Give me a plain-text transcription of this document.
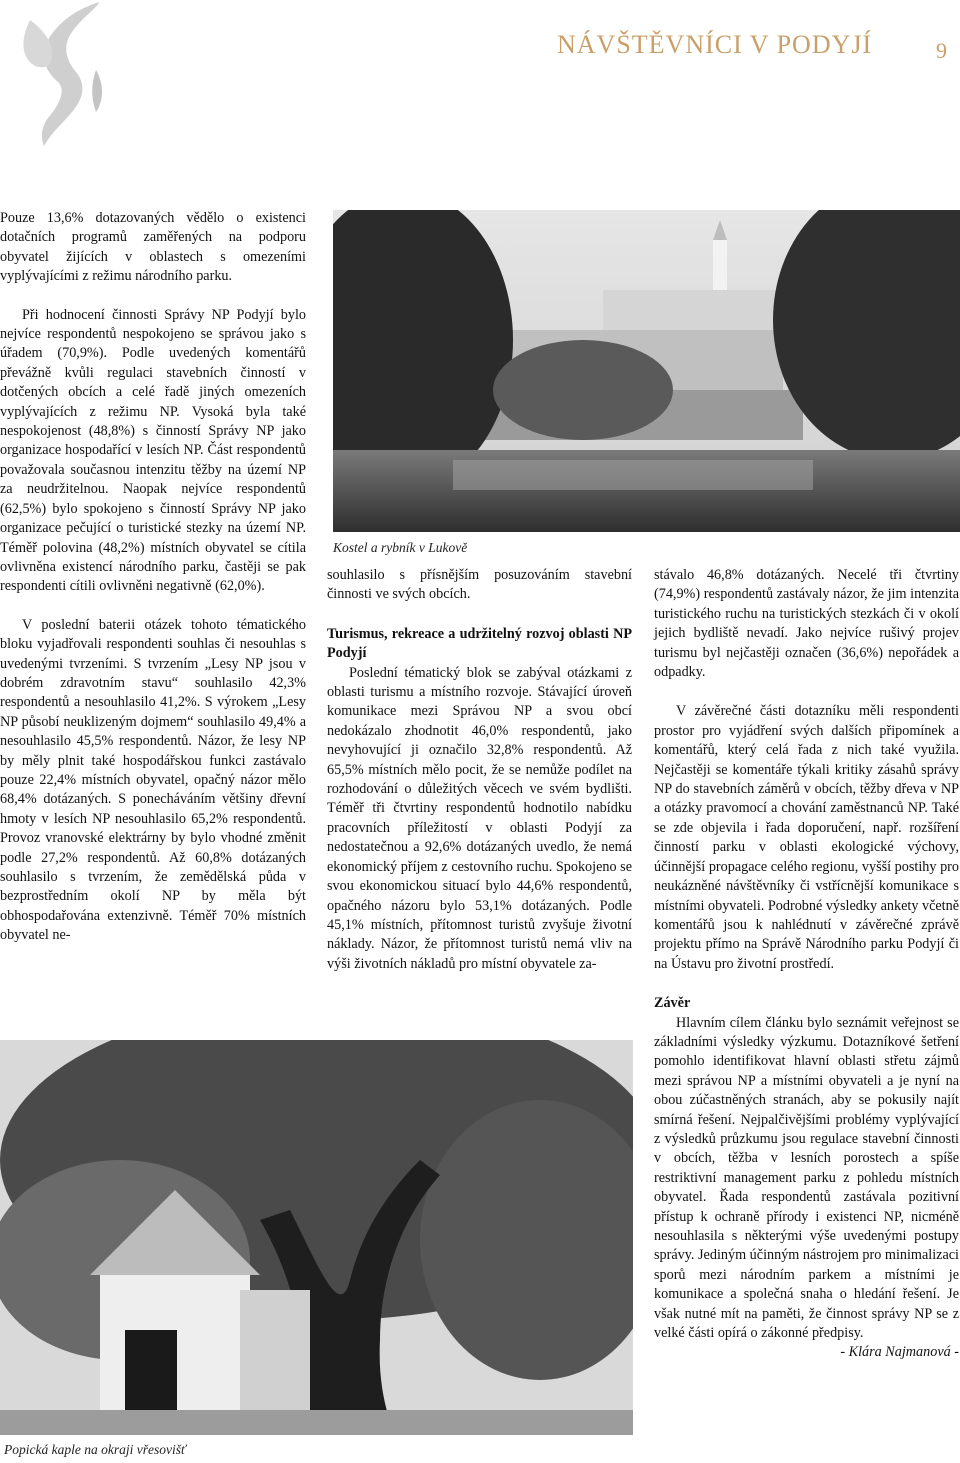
NÁVŠTĚVNÍCI V PODYJÍ	9

Pouze 13,6% dotazovaných vědělo o existenci dotačních programů zaměřených na podporu obyvatel žijících v oblastech s omezeními vyplývajícími z režimu národního parku.

Při hodnocení činnosti Správy NP Podyjí bylo nejvíce respondentů nespokojeno se správou jako s úřadem (70,9%). Podle uvedených komentářů převážně kvůli regulaci stavebních činností v dotčených obcích a celé řadě jiných omezeních vyplývajících z režimu NP. Vysoká byla také nespokojenost (48,8%) s činností Správy NP jako organizace hospodařící v lesích NP. Část respondentů považovala současnou intenzitu těžby na území NP za neudržitelnou. Naopak nejvíce respondentů (62,5%) bylo spokojeno s činností Správy NP jako organizace pečující o turistické stezky na území NP. Téměř polovina (48,2%) místních obyvatel se cítila ovlivněna existencí národního parku, častěji se pak respondenti cítili ovlivněni negativně (62,0%).

V poslední baterii otázek tohoto tématického bloku vyjadřovali respondenti souhlas či nesouhlas s uvedenými tvrzeními. S tvrzením „Lesy NP jsou v dobrém zdravotním stavu“ souhlasilo 42,3% respondentů a nesouhlasilo 41,2%. S výrokem „Lesy NP působí neuklizeným dojmem“ souhlasilo 49,4% a nesouhlasilo 45,5% respondentů. Názor, že lesy NP by měly plnit také hospodářskou funkci zastávalo pouze 22,4% místních obyvatel, opačný názor mělo 68,4% dotázaných. S ponecháváním většiny dřevní hmoty v lesích NP nesouhlasilo 65,2% respondentů. Provoz vranovské elektrárny by bylo vhodné změnit podle 27,2% respondentů. Až 60,8% dotázaných souhlasilo s tvrzením, že zemědělská půda v bezprostředním okolí NP by měla být obhospodařována extenzivně. Téměř 70% místních obyvatel ne-

Kostel a rybník v Lukově

souhlasilo s přísnějším posuzováním stavební činnosti ve svých obcích.

Turismus, rekreace a udržitelný rozvoj oblasti NP Podyjí

Poslední tématický blok se zabýval otázkami z oblasti turismu a místního rozvoje. Stávající úroveň komunikace mezi Správou NP a svou obcí nedokázalo zhodnotit 46,0% respondentů, jako nevyhovující ji označilo 32,8% respondentů. Až 65,5% místních mělo pocit, že se nemůže podílet na rozhodování o důležitých věcech ve svém bydlišti. Téměř tři čtvrtiny respondentů hodnotilo nabídku pracovních příležitostí v oblasti Podyjí za nedostatečnou a 92,6% dotázaných uvedlo, že nemá ekonomický příjem z cestovního ruchu. Spokojeno se svou ekonomickou situací bylo 44,6% respondentů, opačného názoru bylo 53,1% dotázaných. Podle 45,1% místních, přítomnost turistů zvyšuje životní náklady. Názor, že přítomnost turistů nemá vliv na výši životních nákladů pro místní obyvatele za-

stávalo 46,8% dotázaných. Necelé tři čtvrtiny (74,9%) respondentů zastávaly názor, že jim intenzita turistického ruchu na turistických stezkách či v okolí jejich bydliště nevadí. Jako nejvíce rušivý projev turismu byl nejčastěji označen (36,6%) nepořádek a odpadky.

V závěrečné části dotazníku měli respondenti prostor pro vyjádření svých dalších připomínek a komentářů, který celá řada z nich také využila. Nejčastěji se komentáře týkali kritiky zásahů správy NP do stavebních záměrů v obcích, těžby dřeva v NP a otázky pravomocí a chování zaměstnanců NP. Také se zde objevila i řada doporučení, např. rozšíření činností parku v oblasti ekologické výchovy, účinnější propagace celého regionu, vyšší postihy pro neukázněné návštěvníky či vstřícnější komunikace s místními obyvateli. Podrobné výsledky ankety včetně komentářů jsou k nahlédnutí v závěrečné zprávě projektu přímo na Správě Národního parku Podyjí či na Ústavu pro životní prostředí.

Závěr

Hlavním cílem článku bylo seznámit veřejnost se základními výsledky výzkumu. Dotazníkové šetření pomohlo identifikovat hlavní oblasti střetu zájmů mezi správou NP a místními obyvateli a je nyní na obou zúčastněných stranách, aby se pokusily najít smírná řešení. Nejpalčivějšími problémy vyplývající z výsledků průzkumu jsou regulace stavební činnosti v obcích, těžba v lesních porostech a spíše restriktivní management parku z pohledu místních obyvatel. Řada respondentů zastávala pozitivní přístup k ochraně přírody i existenci NP, nicméně nesouhlasila s některými výše uvedenými postupy správy. Jediným účinným nástrojem pro minimalizaci sporů mezi národním parkem a místními je komunikace a společná snaha o hledání řešení. Je však nutné mít na paměti, že činnost správy NP se z velké části opírá o zákonné předpisy.

- Klára Najmanová -
Popická kaple na okraji vřesovišť
